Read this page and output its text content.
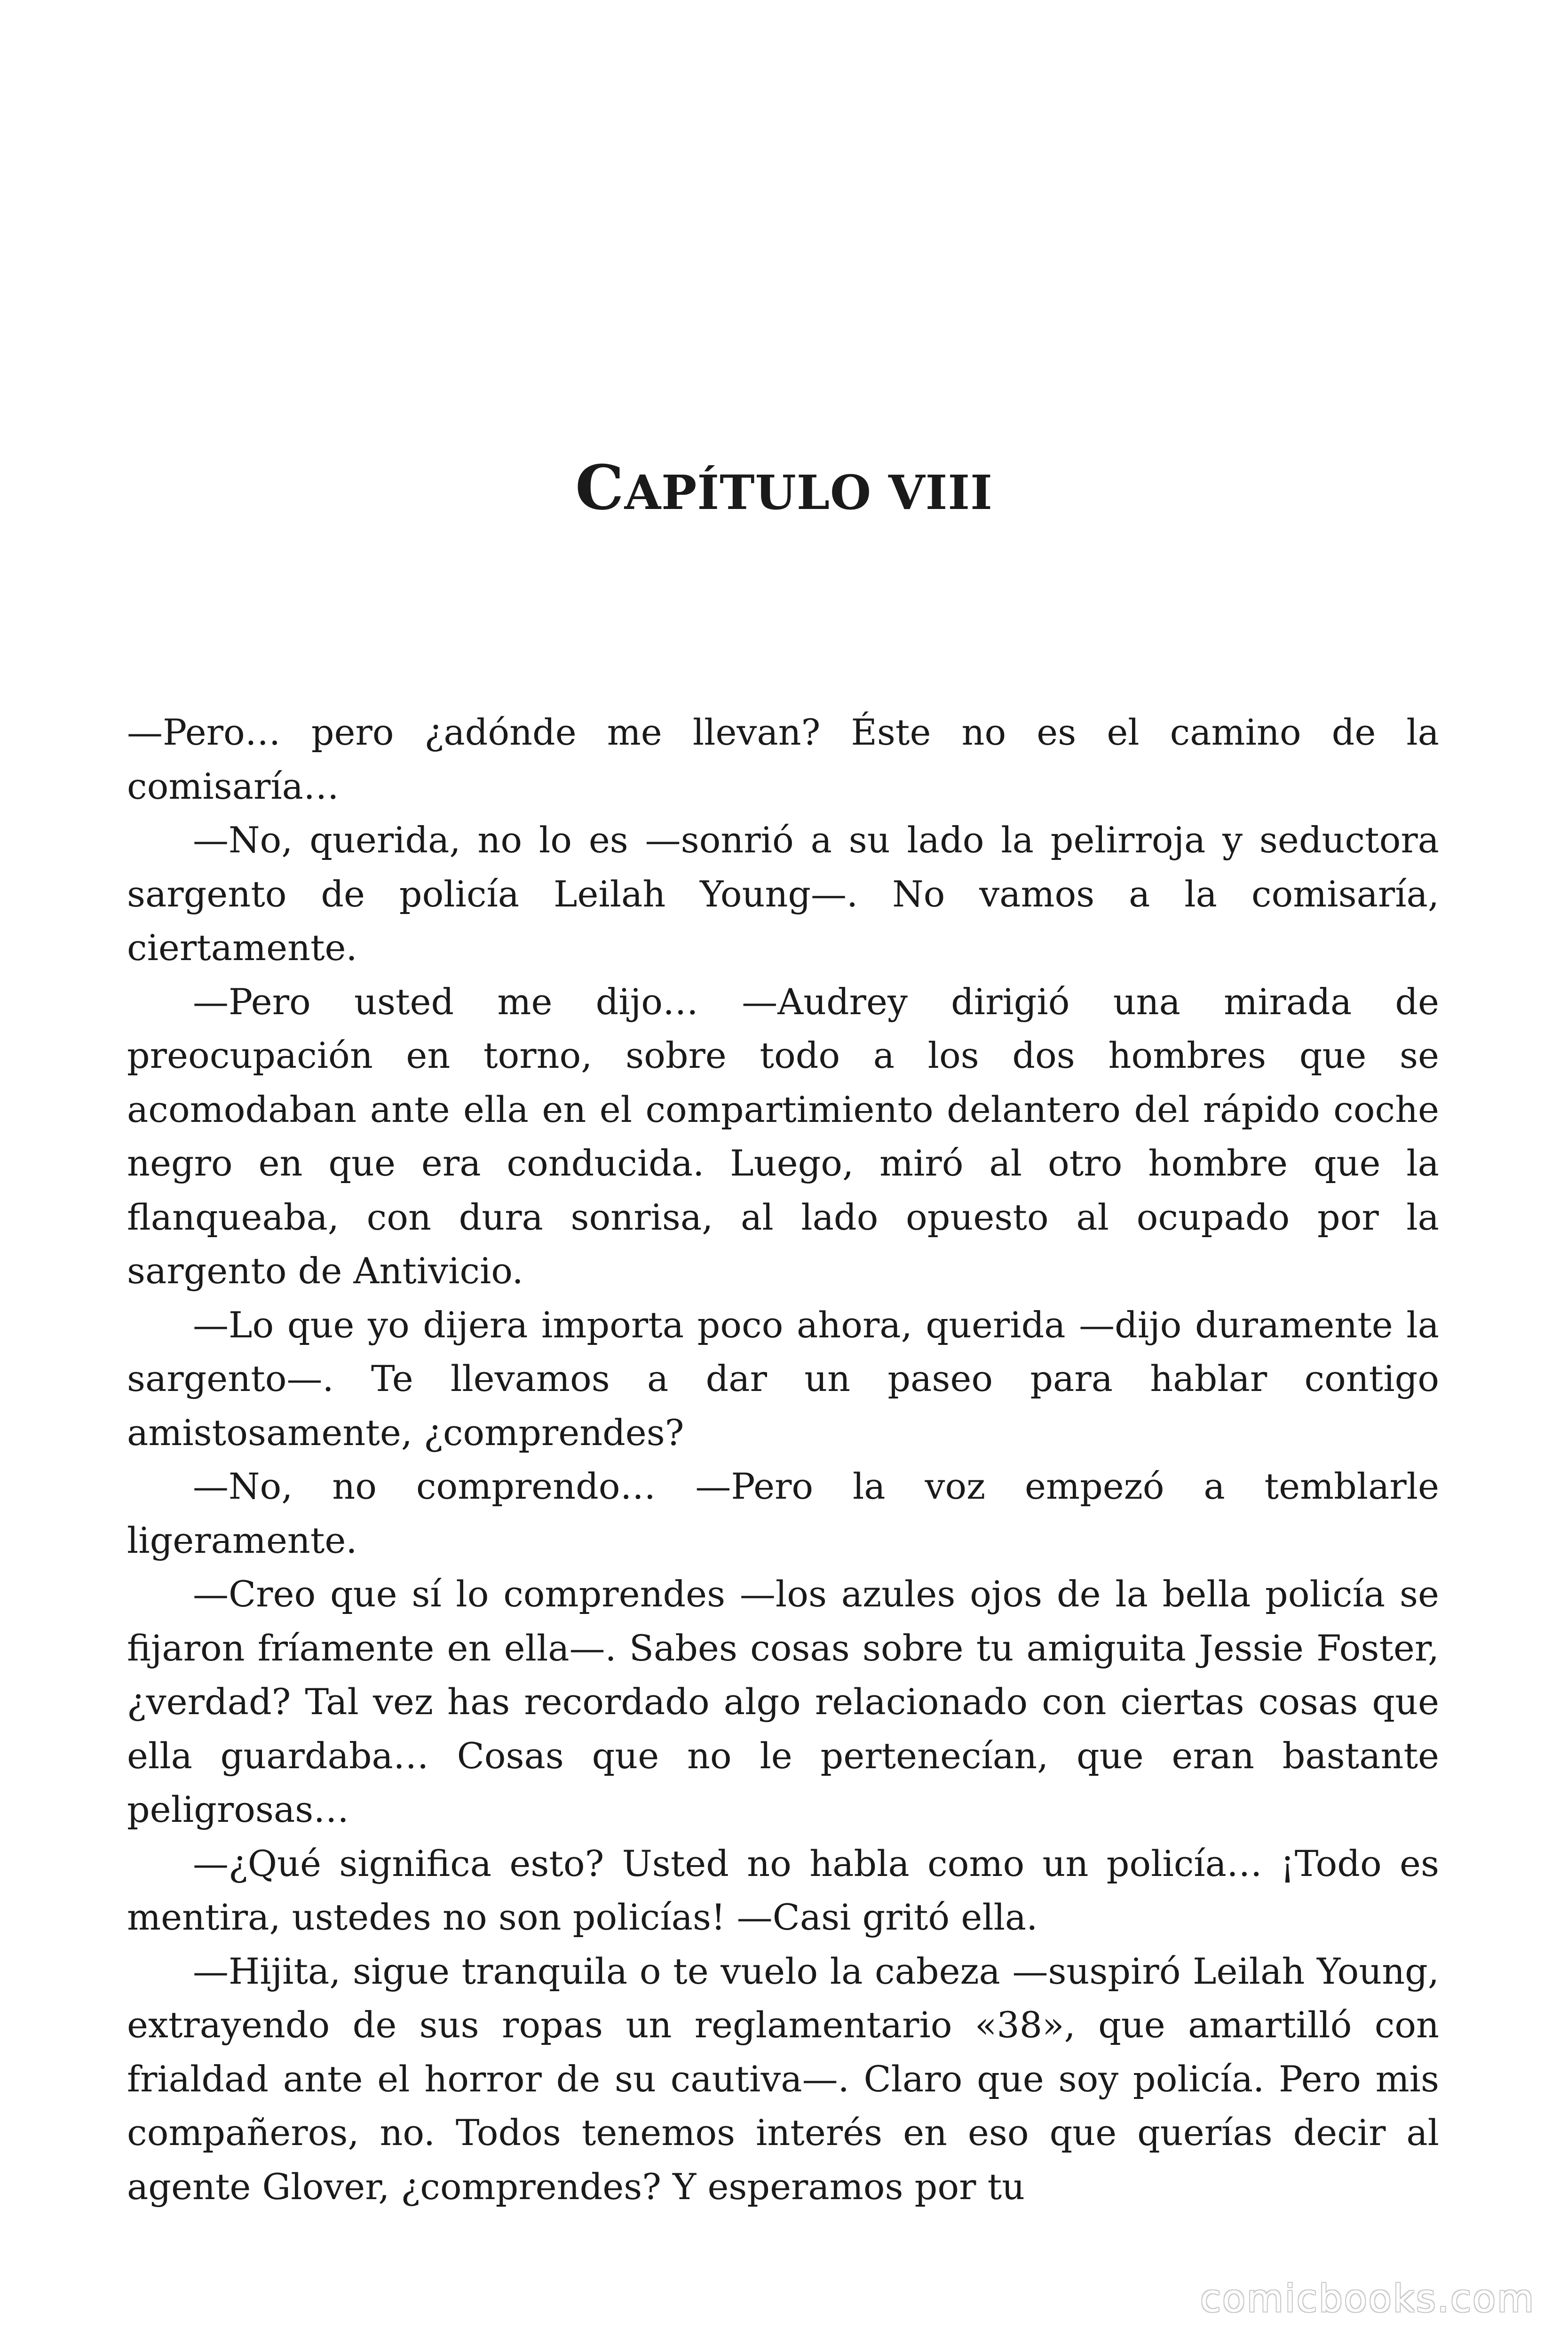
CAPÍTULO VIII

—Pero… pero ¿adónde me llevan? Éste no es el camino de la comisaría…

—No, querida, no lo es —sonrió a su lado la pelirroja y seductora sargento de policía Leilah Young—. No vamos a la comisaría, ciertamente.

—Pero usted me dijo… —Audrey dirigió una mirada de preocupación en torno, sobre todo a los dos hombres que se acomodaban ante ella en el compartimiento delantero del rápido coche negro en que era conducida. Luego, miró al otro hombre que la flanqueaba, con dura sonrisa, al lado opuesto al ocupado por la sargento de Antivicio.

—Lo que yo dijera importa poco ahora, querida —dijo duramente la sargento—. Te llevamos a dar un paseo para hablar contigo amistosamente, ¿comprendes?

—No, no comprendo… —Pero la voz empezó a temblarle ligeramente.

—Creo que sí lo comprendes —los azules ojos de la bella policía se fijaron fríamente en ella—. Sabes cosas sobre tu amiguita Jessie Foster, ¿verdad? Tal vez has recordado algo relacionado con ciertas cosas que ella guardaba… Cosas que no le pertenecían, que eran bastante peligrosas…

—¿Qué significa esto? Usted no habla como un policía… ¡Todo es mentira, ustedes no son policías! —Casi gritó ella.

—Hijita, sigue tranquila o te vuelo la cabeza —suspiró Leilah Young, extrayendo de sus ropas un reglamentario «38», que amartilló con frialdad ante el horror de su cautiva—. Claro que soy policía. Pero mis compañeros, no. Todos tenemos interés en eso que querías decir al agente Glover, ¿comprendes? Y esperamos por tu

comicbooks.com
